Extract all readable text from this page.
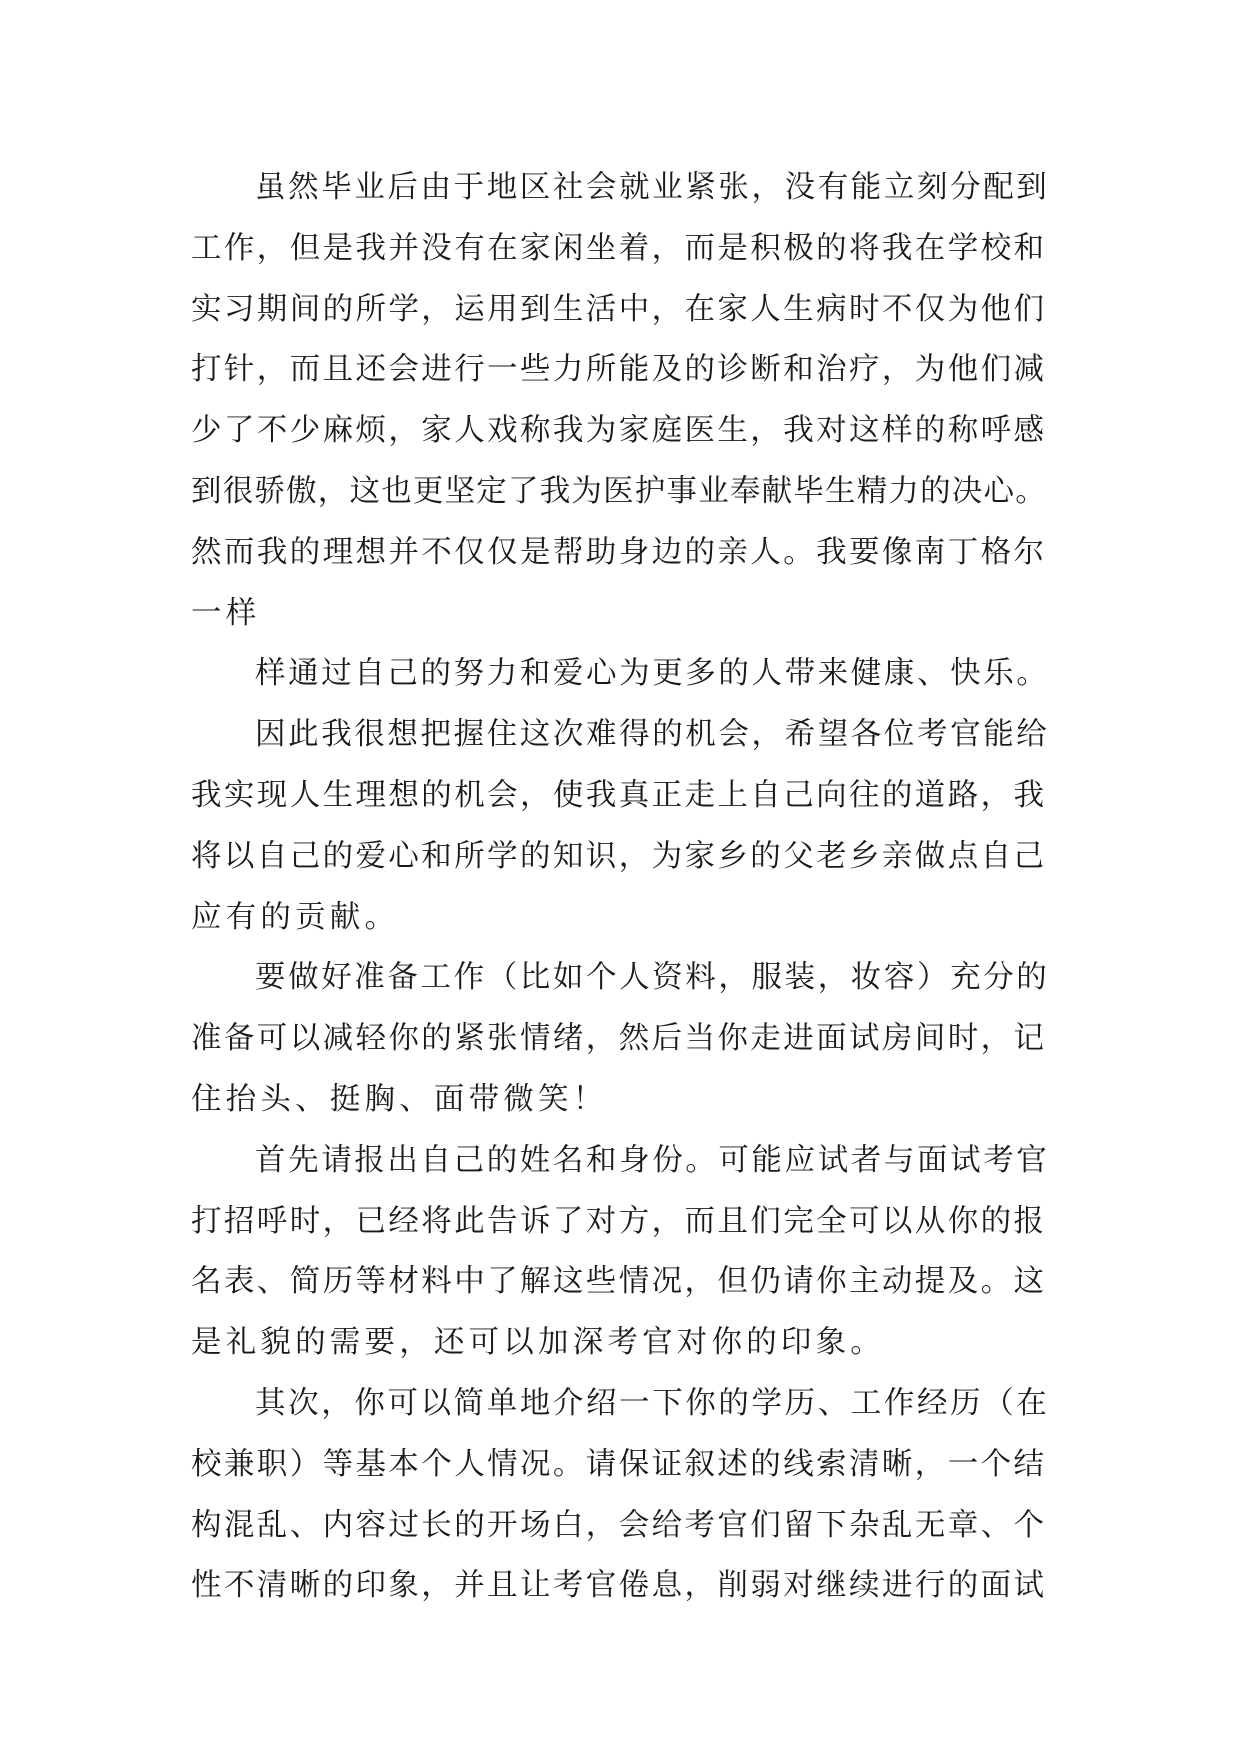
虽然毕业后由于地区社会就业紧张，没有能立刻分配到
工作，但是我并没有在家闲坐着，而是积极的将我在学校和
实习期间的所学，运用到生活中，在家人生病时不仅为他们
打针，而且还会进行一些力所能及的诊断和治疗，为他们减
少了不少麻烦，家人戏称我为家庭医生，我对这样的称呼感
到很骄傲，这也更坚定了我为医护事业奉献毕生精力的决心。
然而我的理想并不仅仅是帮助身边的亲人。我要像南丁格尔
一样
样通过自己的努力和爱心为更多的人带来健康、快乐。
因此我很想把握住这次难得的机会，希望各位考官能给
我实现人生理想的机会，使我真正走上自己向往的道路，我
将以自己的爱心和所学的知识，为家乡的父老乡亲做点自己
应有的贡献。
要做好准备工作（比如个人资料，服装，妆容）充分的
准备可以减轻你的紧张情绪，然后当你走进面试房间时，记
住抬头、挺胸、面带微笑！
首先请报出自己的姓名和身份。可能应试者与面试考官
打招呼时，已经将此告诉了对方，而且们完全可以从你的报
名表、简历等材料中了解这些情况，但仍请你主动提及。这
是礼貌的需要，还可以加深考官对你的印象。
其次，你可以简单地介绍一下你的学历、工作经历（在
校兼职）等基本个人情况。请保证叙述的线索清晰，一个结
构混乱、内容过长的开场白，会给考官们留下杂乱无章、个
性不清晰的印象，并且让考官倦息，削弱对继续进行的面试
